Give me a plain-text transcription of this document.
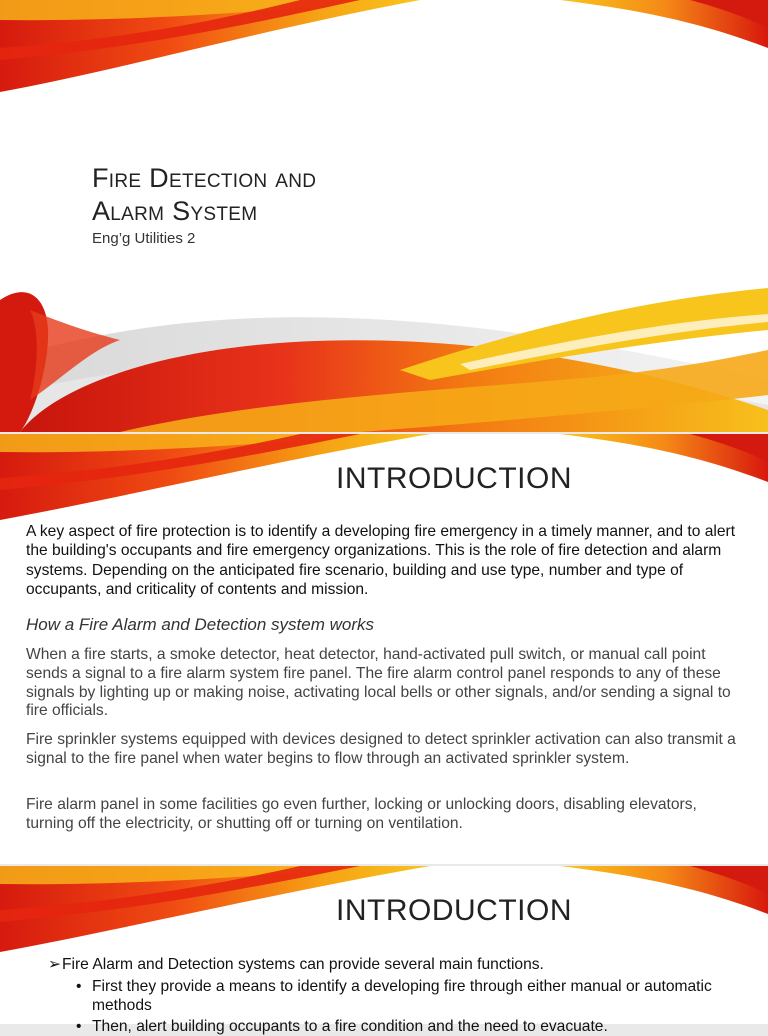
Fire Detection and
Alarm System
Eng’g Utilities 2
INTRODUCTION

A key aspect of fire protection is to identify a developing fire emergency in a timely manner, and to alert the building's occupants and fire emergency organizations. This is the role of fire detection and alarm systems. Depending on the anticipated fire scenario, building and use type, number and type of occupants, and criticality of contents and mission.

How a Fire Alarm and Detection system works

When a fire starts, a smoke detector, heat detector, hand-activated pull switch, or manual call point sends a signal to a fire alarm system fire panel. The fire alarm control panel responds to any of these signals by lighting up or making noise, activating local bells or other signals, and/or sending a signal to fire officials.

Fire sprinkler systems equipped with devices designed to detect sprinkler activation can also transmit a signal to the fire panel when water begins to flow through an activated sprinkler system.

Fire alarm panel in some facilities go even further, locking or unlocking doors, disabling elevators, turning off the electricity, or shutting off or turning on ventilation.

INTRODUCTION
➢Fire Alarm and Detection systems can provide several main functions.
• First they provide a means to identify a developing fire through either manual or automatic methods
• Then, alert building occupants to a fire condition and the need to evacuate.
